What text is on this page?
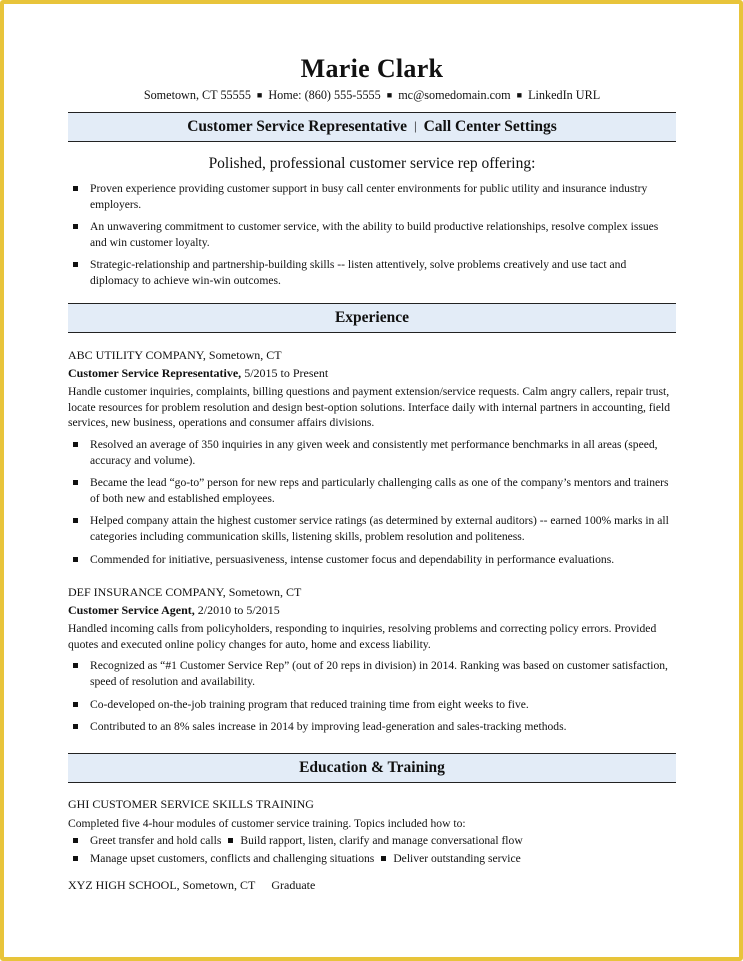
Marie Clark
Sometown, CT 55555 ■ Home: (860) 555-5555 ■ mc@somedomain.com ■ LinkedIn URL
Customer Service Representative | Call Center Settings
Polished, professional customer service rep offering:
Proven experience providing customer support in busy call center environments for public utility and insurance industry employers.
An unwavering commitment to customer service, with the ability to build productive relationships, resolve complex issues and win customer loyalty.
Strategic-relationship and partnership-building skills -- listen attentively, solve problems creatively and use tact and diplomacy to achieve win-win outcomes.
Experience
ABC UTILITY COMPANY, Sometown, CT
Customer Service Representative, 5/2015 to Present
Handle customer inquiries, complaints, billing questions and payment extension/service requests. Calm angry callers, repair trust, locate resources for problem resolution and design best-option solutions. Interface daily with internal partners in accounting, field services, new business, operations and consumer affairs divisions.
Resolved an average of 350 inquiries in any given week and consistently met performance benchmarks in all areas (speed, accuracy and volume).
Became the lead “go-to” person for new reps and particularly challenging calls as one of the company’s mentors and trainers of both new and established employees.
Helped company attain the highest customer service ratings (as determined by external auditors) -- earned 100% marks in all categories including communication skills, listening skills, problem resolution and politeness.
Commended for initiative, persuasiveness, intense customer focus and dependability in performance evaluations.
DEF INSURANCE COMPANY, Sometown, CT
Customer Service Agent, 2/2010 to 5/2015
Handled incoming calls from policyholders, responding to inquiries, resolving problems and correcting policy errors. Provided quotes and executed online policy changes for auto, home and excess liability.
Recognized as “#1 Customer Service Rep” (out of 20 reps in division) in 2014. Ranking was based on customer satisfaction, speed of resolution and availability.
Co-developed on-the-job training program that reduced training time from eight weeks to five.
Contributed to an 8% sales increase in 2014 by improving lead-generation and sales-tracking methods.
Education & Training
GHI CUSTOMER SERVICE SKILLS TRAINING
Completed five 4-hour modules of customer service training. Topics included how to:
Greet transfer and hold calls Build rapport, listen, clarify and manage conversational flow
Manage upset customers, conflicts and challenging situations Deliver outstanding service
XYZ HIGH SCHOOL, Sometown, CT Graduate
